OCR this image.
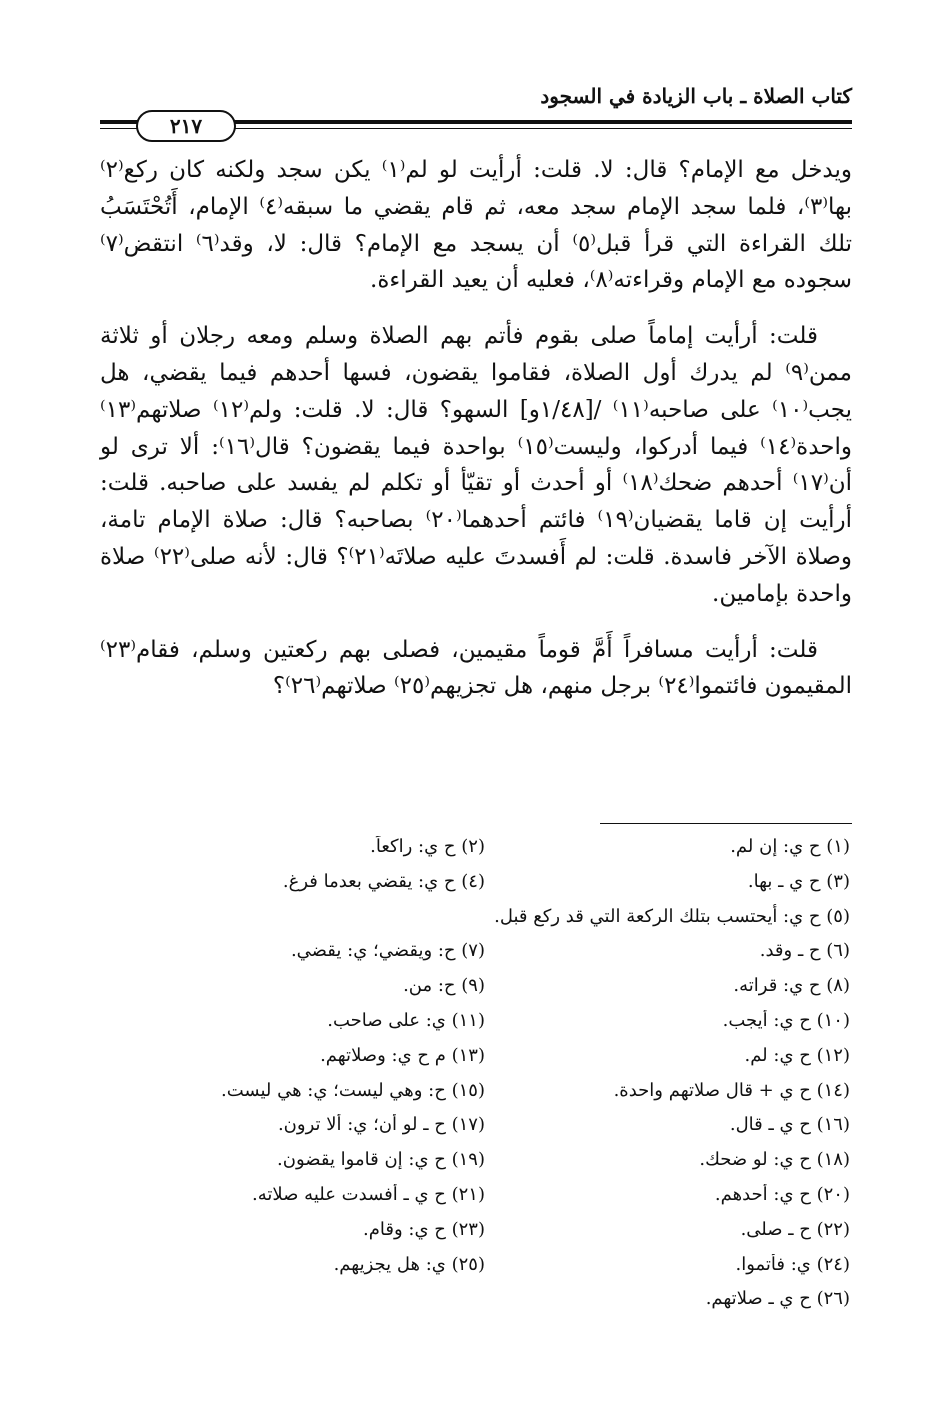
كتاب الصلاة ـ باب الزيادة في السجود
٢١٧

ويدخل مع الإمام؟ قال: لا. قلت: أرأيت لو لم⁽١⁾ يكن سجد ولكنه كان ركع⁽٢⁾ بها⁽٣⁾، فلما سجد الإمام سجد معه، ثم قام يقضي ما سبقه⁽٤⁾ الإمام، أَتُحْتَسَبُ تلك القراءة التي قرأ قبل⁽٥⁾ أن يسجد مع الإمام؟ قال: لا، وقد⁽٦⁾ انتقض⁽٧⁾ سجوده مع الإمام وقراءته⁽٨⁾، فعليه أن يعيد القراءة.

قلت: أرأيت إماماً صلى بقوم فأتم بهم الصلاة وسلم ومعه رجلان أو ثلاثة ممن⁽٩⁾ لم يدرك أول الصلاة، فقاموا يقضون، فسها أحدهم فيما يقضي، هل يجب⁽١٠⁾ على صاحبه⁽١١⁾ /[١/٤٨و] السهو؟ قال: لا. قلت: ولم⁽١٢⁾ صلاتهم⁽١٣⁾ واحدة⁽١٤⁾ فيما أدركوا، وليست⁽١٥⁾ بواحدة فيما يقضون؟ قال⁽١٦⁾: ألا ترى لو أن⁽١٧⁾ أحدهم ضحك⁽١٨⁾ أو أحدث أو تقيّأ أو تكلم لم يفسد على صاحبه. قلت: أرأيت إن قاما يقضيان⁽١٩⁾ فائتم أحدهما⁽٢٠⁾ بصاحبه؟ قال: صلاة الإمام تامة، وصلاة الآخر فاسدة. قلت: لم أَفسدتَ عليه صلاتَه⁽٢١⁾؟ قال: لأنه صلى⁽٢٢⁾ صلاة واحدة بإمامين.

قلت: أرأيت مسافراً أَمَّ قوماً مقيمين، فصلى بهم ركعتين وسلم، فقام⁽٢٣⁾ المقيمون فائتموا⁽٢٤⁾ برجل منهم، هل تجزيهم⁽٢٥⁾ صلاتهم⁽٢٦⁾؟

(١) ح ي: إن لم.
(٢) ح ي: راكعاً.
(٣) ح ي ـ بها.
(٤) ح ي: يقضي بعدما فرغ.
(٥) ح ي: أيحتسب بتلك الركعة التي قد ركع قبل.
(٦) ح ـ وقد.
(٧) ح: ويقضي؛ ي: يقضي.
(٨) ح ي: قراته.
(٩) ح: من.
(١٠) ح ي: أيجب.
(١١) ي: على صاحب.
(١٢) ح ي: لم.
(١٣) م ح ي: وصلاتهم.
(١٤) ح ي + قال صلاتهم واحدة.
(١٥) ح: وهي ليست؛ ي: هي ليست.
(١٦) ح ي ـ قال.
(١٧) ح ـ لو أن؛ ي: ألا ترون.
(١٨) ح ي: لو ضحك.
(١٩) ح ي: إن قاموا يقضون.
(٢٠) ح ي: أحدهم.
(٢١) ح ي ـ أفسدت عليه صلاته.
(٢٢) ح ـ صلى.
(٢٣) ح ي: وقام.
(٢٤) ي: فأتموا.
(٢٥) ي: هل يجزيهم.
(٢٦) ح ي ـ صلاتهم.
